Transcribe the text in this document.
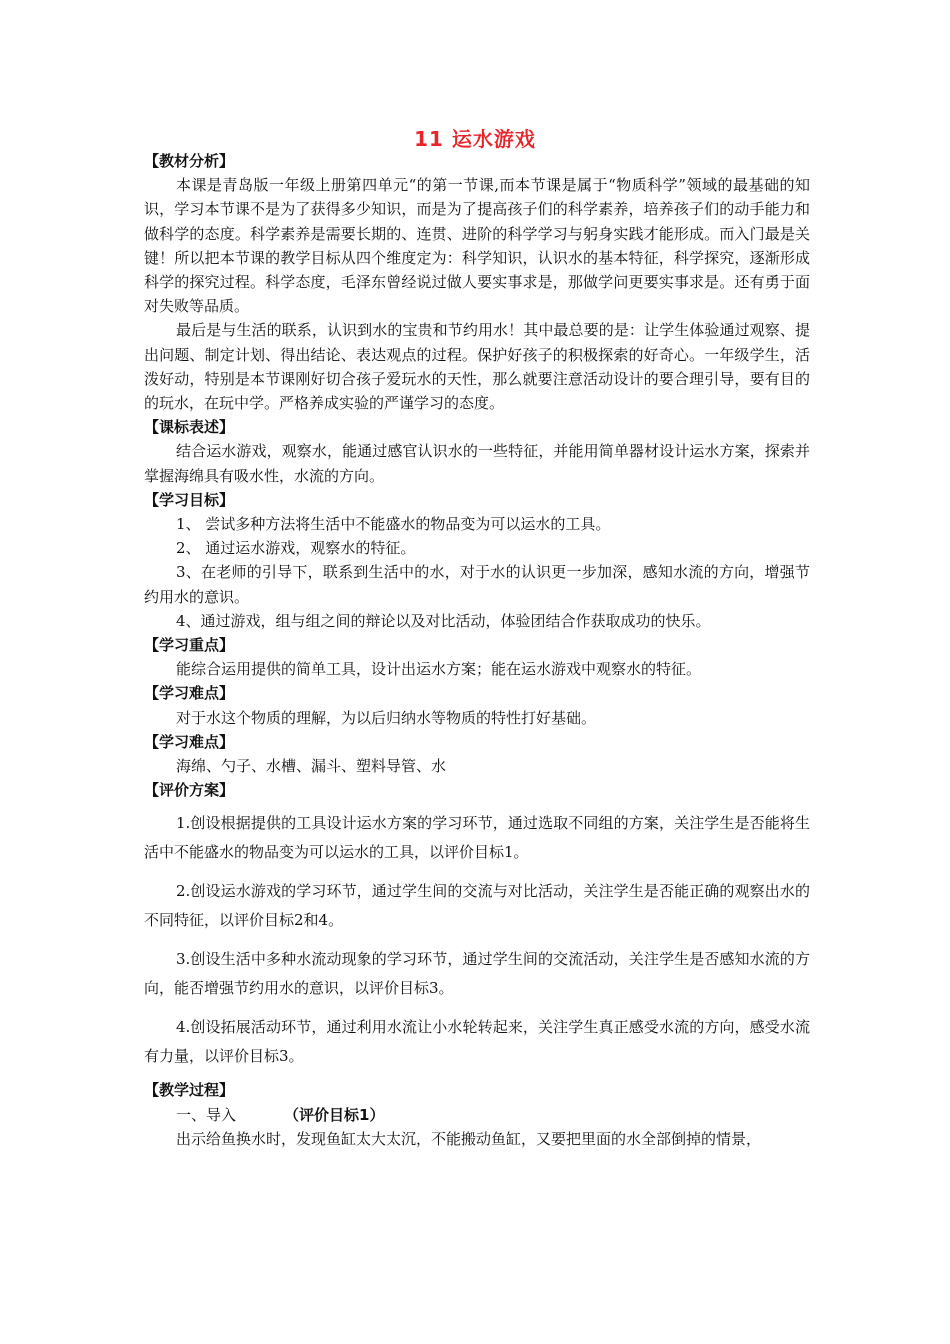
11 运水游戏

【教材分析】

本课是青岛版一年级上册第四单元“的第一节课,而本节课是属于“物质科学”领域的最基础的知识，学习本节课不是为了获得多少知识，而是为了提高孩子们的科学素养，培养孩子们的动手能力和做科学的态度。科学素养是需要长期的、连贯、进阶的科学学习与躬身实践才能形成。而入门最是关键！所以把本节课的教学目标从四个维度定为：科学知识，认识水的基本特征，科学探究，逐渐形成科学的探究过程。科学态度，毛泽东曾经说过做人要实事求是，那做学问更要实事求是。还有勇于面对失败等品质。

最后是与生活的联系，认识到水的宝贵和节约用水！其中最总要的是：让学生体验通过观察、提出问题、制定计划、得出结论、表达观点的过程。保护好孩子的积极探索的好奇心。一年级学生，活泼好动，特别是本节课刚好切合孩子爱玩水的天性，那么就要注意活动设计的要合理引导，要有目的的玩水，在玩中学。严格养成实验的严谨学习的态度。

【课标表述】

结合运水游戏，观察水，能通过感官认识水的一些特征，并能用简单器材设计运水方案，探索并掌握海绵具有吸水性，水流的方向。

【学习目标】

1、 尝试多种方法将生活中不能盛水的物品变为可以运水的工具。

2、 通过运水游戏，观察水的特征。

3、在老师的引导下，联系到生活中的水，对于水的认识更一步加深，感知水流的方向，增强节约用水的意识。

4、通过游戏，组与组之间的辩论以及对比活动，体验团结合作获取成功的快乐。

【学习重点】

能综合运用提供的简单工具，设计出运水方案；能在运水游戏中观察水的特征。

【学习难点】

对于水这个物质的理解，为以后归纳水等物质的特性打好基础。

【学习难点】

海绵、勺子、水槽、漏斗、塑料导管、水

【评价方案】

1.创设根据提供的工具设计运水方案的学习环节，通过选取不同组的方案，关注学生是否能将生活中不能盛水的物品变为可以运水的工具，以评价目标1。

2.创设运水游戏的学习环节，通过学生间的交流与对比活动，关注学生是否能正确的观察出水的不同特征，以评价目标2和4。

3.创设生活中多种水流动现象的学习环节，通过学生间的交流活动，关注学生是否感知水流的方向，能否增强节约用水的意识，以评价目标3。

4.创设拓展活动环节，通过利用水流让小水轮转起来，关注学生真正感受水流的方向，感受水流有力量，以评价目标3。

【教学过程】

一、导入	（评价目标1）

出示给鱼换水时，发现鱼缸太大太沉，不能搬动鱼缸，又要把里面的水全部倒掉的情景，
